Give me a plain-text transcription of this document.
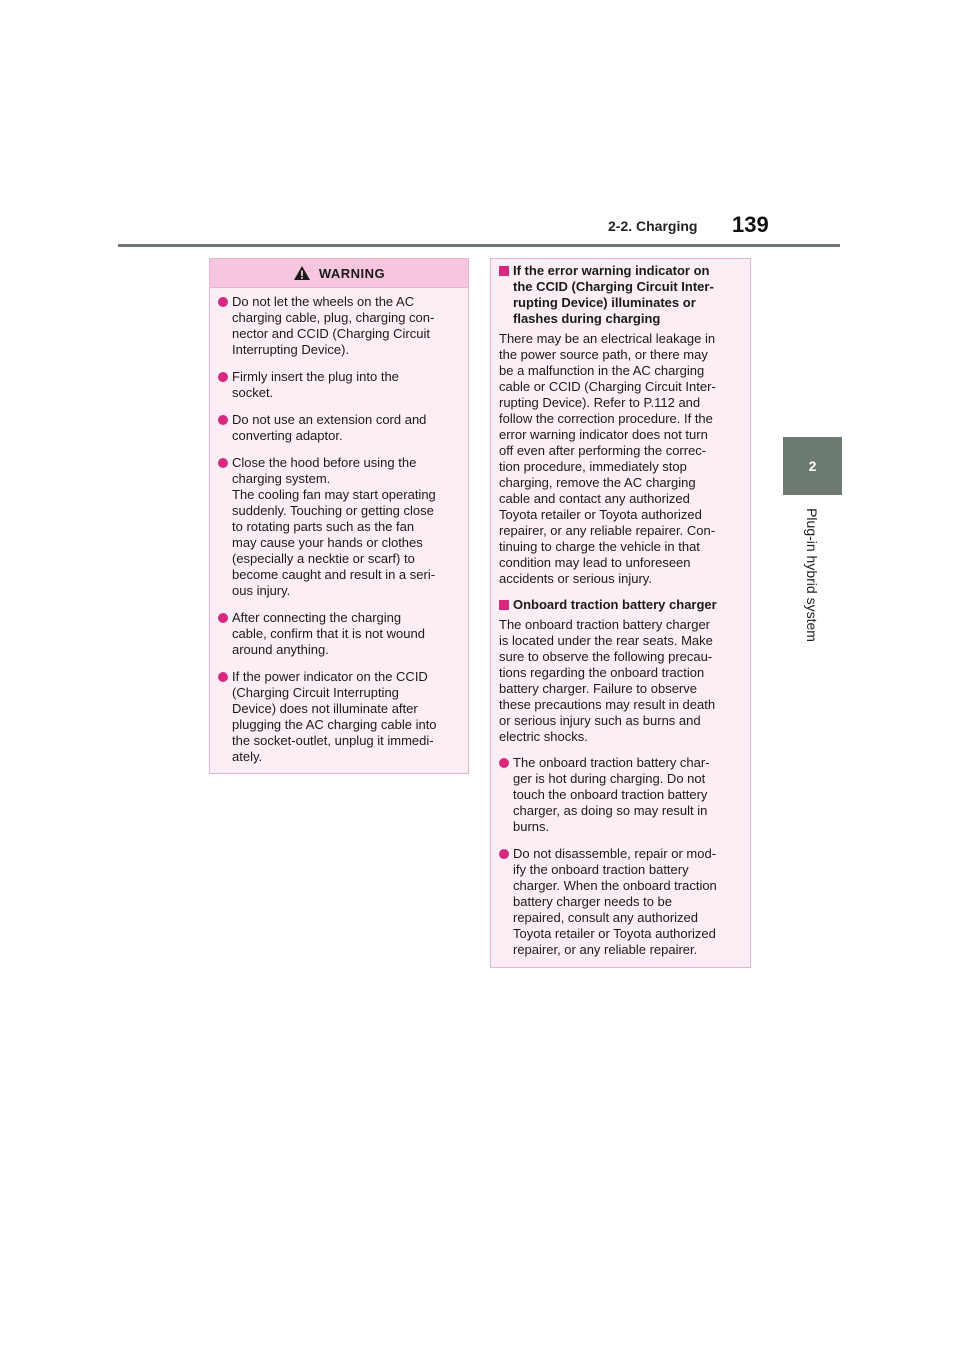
2-2. Charging 139
2
Plug-in hybrid system
WARNING
Do not let the wheels on the AC
charging cable, plug, charging con-
nector and CCID (Charging Circuit
Interrupting Device).
Firmly insert the plug into the
socket.
Do not use an extension cord and
converting adaptor.
Close the hood before using the
charging system.
The cooling fan may start operating
suddenly. Touching or getting close
to rotating parts such as the fan
may cause your hands or clothes
(especially a necktie or scarf) to
become caught and result in a seri-
ous injury.
After connecting the charging
cable, confirm that it is not wound
around anything.
If the power indicator on the CCID
(Charging Circuit Interrupting
Device) does not illuminate after
plugging the AC charging cable into
the socket-outlet, unplug it immedi-
ately.
If the error warning indicator on
the CCID (Charging Circuit Inter-
rupting Device) illuminates or
flashes during charging
There may be an electrical leakage in
the power source path, or there may
be a malfunction in the AC charging
cable or CCID (Charging Circuit Inter-
rupting Device). Refer to P.112 and
follow the correction procedure. If the
error warning indicator does not turn
off even after performing the correc-
tion procedure, immediately stop
charging, remove the AC charging
cable and contact any authorized
Toyota retailer or Toyota authorized
repairer, or any reliable repairer. Con-
tinuing to charge the vehicle in that
condition may lead to unforeseen
accidents or serious injury.
Onboard traction battery charger
The onboard traction battery charger
is located under the rear seats. Make
sure to observe the following precau-
tions regarding the onboard traction
battery charger. Failure to observe
these precautions may result in death
or serious injury such as burns and
electric shocks.
The onboard traction battery char-
ger is hot during charging. Do not
touch the onboard traction battery
charger, as doing so may result in
burns.
Do not disassemble, repair or mod-
ify the onboard traction battery
charger. When the onboard traction
battery charger needs to be
repaired, consult any authorized
Toyota retailer or Toyota authorized
repairer, or any reliable repairer.
